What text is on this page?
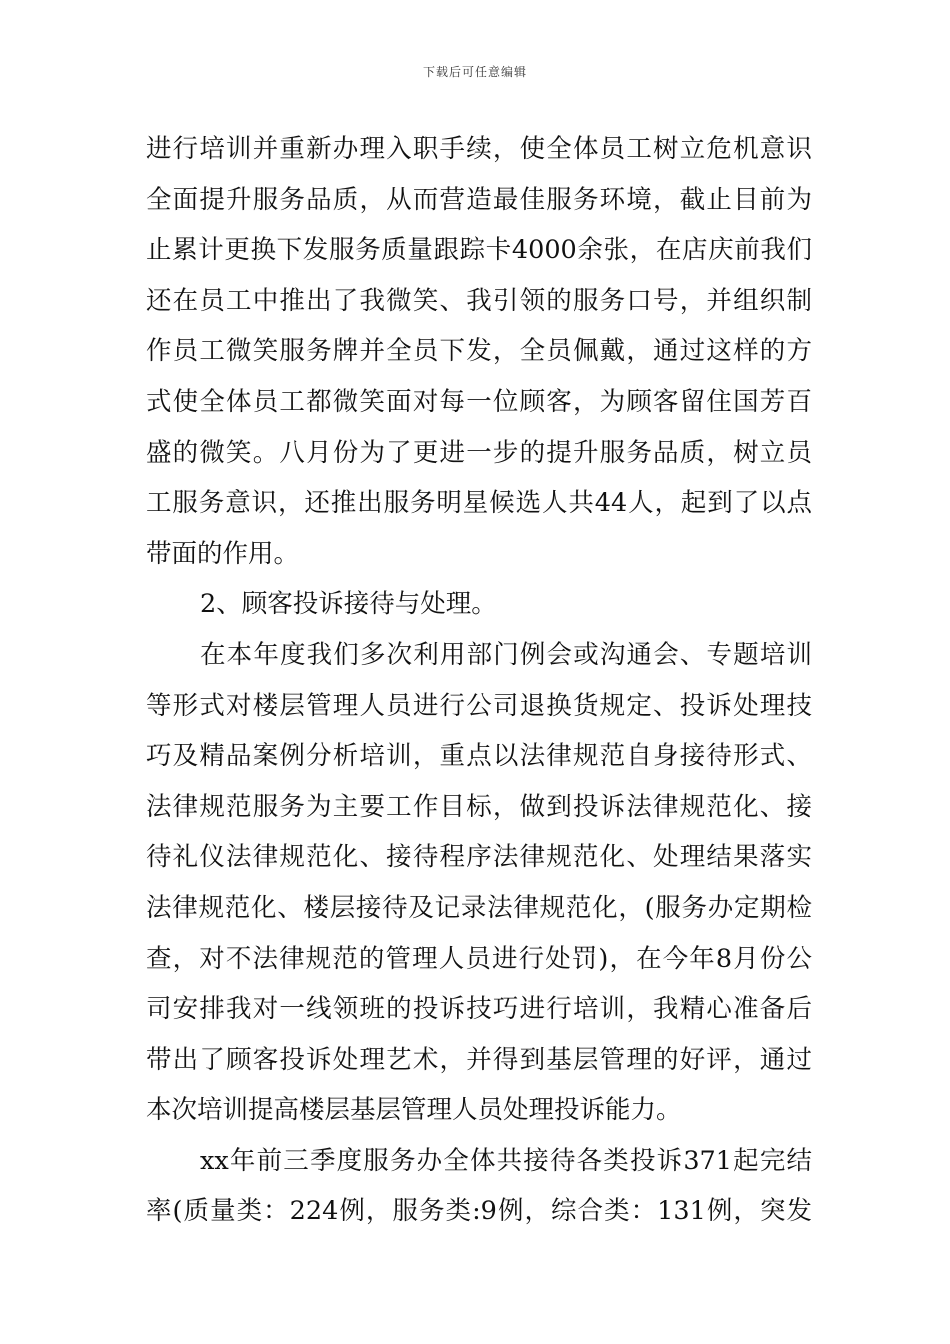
下载后可任意编辑
进行培训并重新办理入职手续，使全体员工树立危机意识
全面提升服务品质，从而营造最佳服务环境，截止目前为
止累计更换下发服务质量跟踪卡4000余张，在店庆前我们
还在员工中推出了我微笑、我引领的服务口号，并组织制
作员工微笑服务牌并全员下发，全员佩戴，通过这样的方
式使全体员工都微笑面对每一位顾客，为顾客留住国芳百
盛的微笑。八月份为了更进一步的提升服务品质，树立员
工服务意识，还推出服务明星候选人共44人，起到了以点
带面的作用。
2、顾客投诉接待与处理。
在本年度我们多次利用部门例会或沟通会、专题培训
等形式对楼层管理人员进行公司退换货规定、投诉处理技
巧及精品案例分析培训，重点以法律规范自身接待形式、
法律规范服务为主要工作目标，做到投诉法律规范化、接
待礼仪法律规范化、接待程序法律规范化、处理结果落实
法律规范化、楼层接待及记录法律规范化，(服务办定期检
查，对不法律规范的管理人员进行处罚)，在今年8月份公
司安排我对一线领班的投诉技巧进行培训，我精心准备后
带出了顾客投诉处理艺术，并得到基层管理的好评，通过
本次培训提高楼层基层管理人员处理投诉能力。
xx年前三季度服务办全体共接待各类投诉371起完结
率(质量类：224例，服务类:9例，综合类：131例，突发
